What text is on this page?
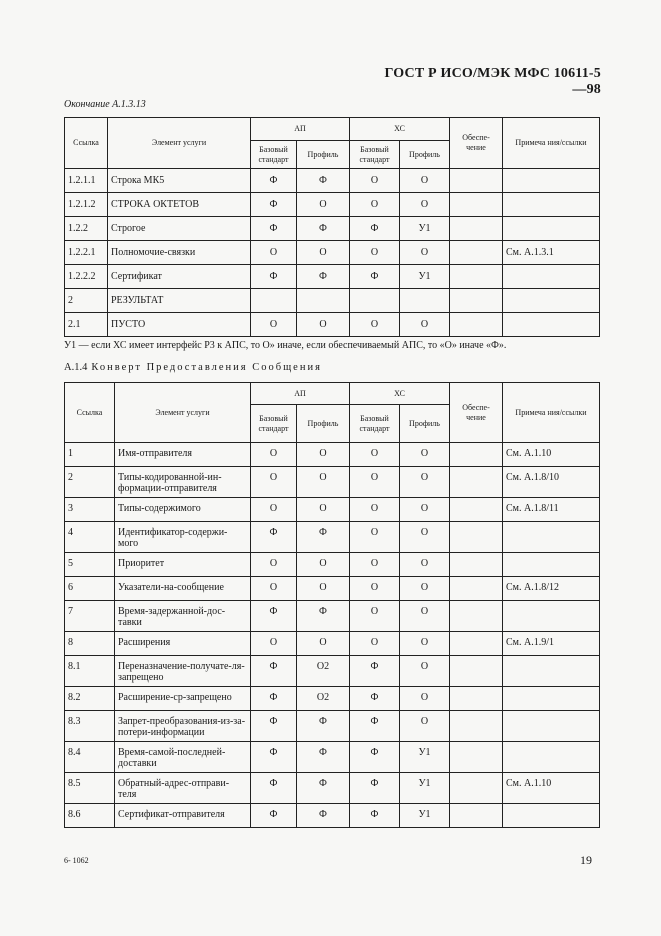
ГОСТ Р ИСО/МЭК МФС 10611-5—98
Окончание А.1.3.13
Ссылка	Элемент услуги	АП		ХС		Обеспе-чение	Примеча ния/ссылки
		Базовый стандарт	Профиль	Базовый стандарт	Профиль		
1.2.1.1	Строка МК5	Ф	Ф	О	О		
1.2.1.2	СТРОКА ОКТЕТОВ	Ф	О	О	О		
1.2.2	Строгое	Ф	Ф	Ф	У1		
1.2.2.1	Полномочие-связки	О	О	О	О		См. А.1.3.1
1.2.2.2	Сертификат	Ф	Ф	Ф	У1		
2	РЕЗУЛЬТАТ						
2.1	ПУСТО	О	О	О	О		
У1 — если ХС имеет интерфейс Р3 к АПС, то О» иначе, если обеспечиваемый АПС, то «О» иначе «Ф».
А.1.4 Конверт Предоставления Сообщения
Ссылка	Элемент услуги	АП		ХС		Обеспе-чение	Примеча ния/ссылки
		Базовый стандарт	Профиль	Базовый стандарт	Профиль		
1	Имя-отправителя	О	О	О	О		См. А.1.10
2	Типы-кодированной-ин-формации-отправителя	О	О	О	О		См. А.1.8/10
3	Типы-содержимого	О	О	О	О		См. А.1.8/11
4	Идентификатор-содержи-мого	Ф	Ф	О	О		
5	Приоритет	О	О	О	О		
6	Указатели-на-сообщение	О	О	О	О		См. А.1.8/12
7	Время-задержанной-дос-тавки	Ф	Ф	О	О		
8	Расширения	О	О	О	О		См. А.1.9/1
8.1	Переназначение-получате-ля-запрещено	Ф	О2	Ф	О		
8.2	Расширение-ср-запрещено	Ф	О2	Ф	О		
8.3	Запрет-преобразования-из-за-потери-информации	Ф	Ф	Ф	О		
8.4	Время-самой-последней-доставки	Ф	Ф	Ф	У1		
8.5	Обратный-адрес-отправи-теля	Ф	Ф	Ф	У1		См. А.1.10
8.6	Сертификат-отправителя	Ф	Ф	Ф	У1		
6- 1062	19
